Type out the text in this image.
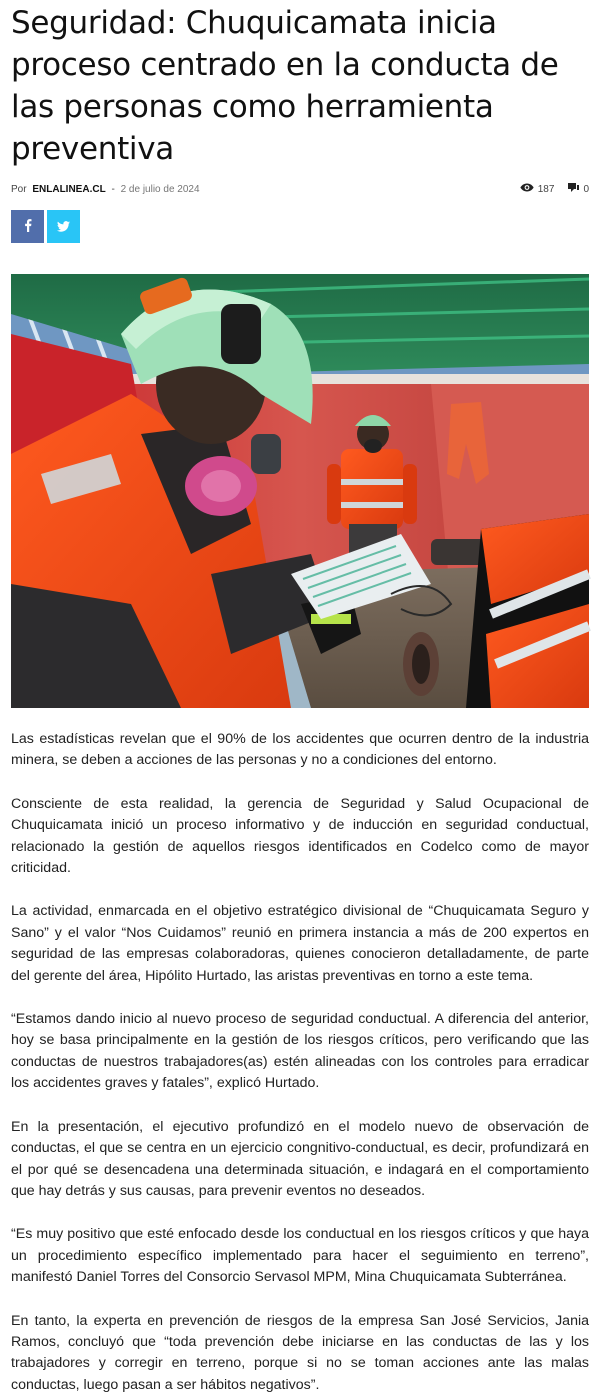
Seguridad: Chuquicamata inicia proceso centrado en la conducta de las personas como herramienta preventiva
Por ENLALINEA.CL - 2 de julio de 2024	187	0

Las estadísticas revelan que el 90% de los accidentes que ocurren dentro de la industria minera, se deben a acciones de las personas y no a condiciones del entorno.

Consciente de esta realidad, la gerencia de Seguridad y Salud Ocupacional de Chuquicamata inició un proceso informativo y de inducción en seguridad conductual, relacionado la gestión de aquellos riesgos identificados en Codelco como de mayor criticidad.

La actividad, enmarcada en el objetivo estratégico divisional de “Chuquicamata Seguro y Sano” y el valor “Nos Cuidamos” reunió en primera instancia a más de 200 expertos en seguridad de las empresas colaboradoras, quienes conocieron detalladamente, de parte del gerente del área, Hipólito Hurtado, las aristas preventivas en torno a este tema.

“Estamos dando inicio al nuevo proceso de seguridad conductual. A diferencia del anterior, hoy se basa principalmente en la gestión de los riesgos críticos, pero verificando que las conductas de nuestros trabajadores(as) estén alineadas con los controles para erradicar los accidentes graves y fatales”, explicó Hurtado.

En la presentación, el ejecutivo profundizó en el modelo nuevo de observación de conductas, el que se centra en un ejercicio congnitivo-conductual, es decir, profundizará en el por qué se desencadena una determinada situación, e indagará en el comportamiento que hay detrás y sus causas, para prevenir eventos no deseados.

“Es muy positivo que esté enfocado desde los conductual en los riesgos críticos y que haya un procedimiento específico implementado para hacer el seguimiento en terreno”, manifestó Daniel Torres del Consorcio Servasol MPM, Mina Chuquicamata Subterránea.

En tanto, la experta en prevención de riesgos de la empresa San José Servicios, Jania Ramos, concluyó que “toda prevención debe iniciarse en las conductas de las y los trabajadores y corregir en terreno, porque si no se toman acciones ante las malas conductas, luego pasan a ser hábitos negativos”.
